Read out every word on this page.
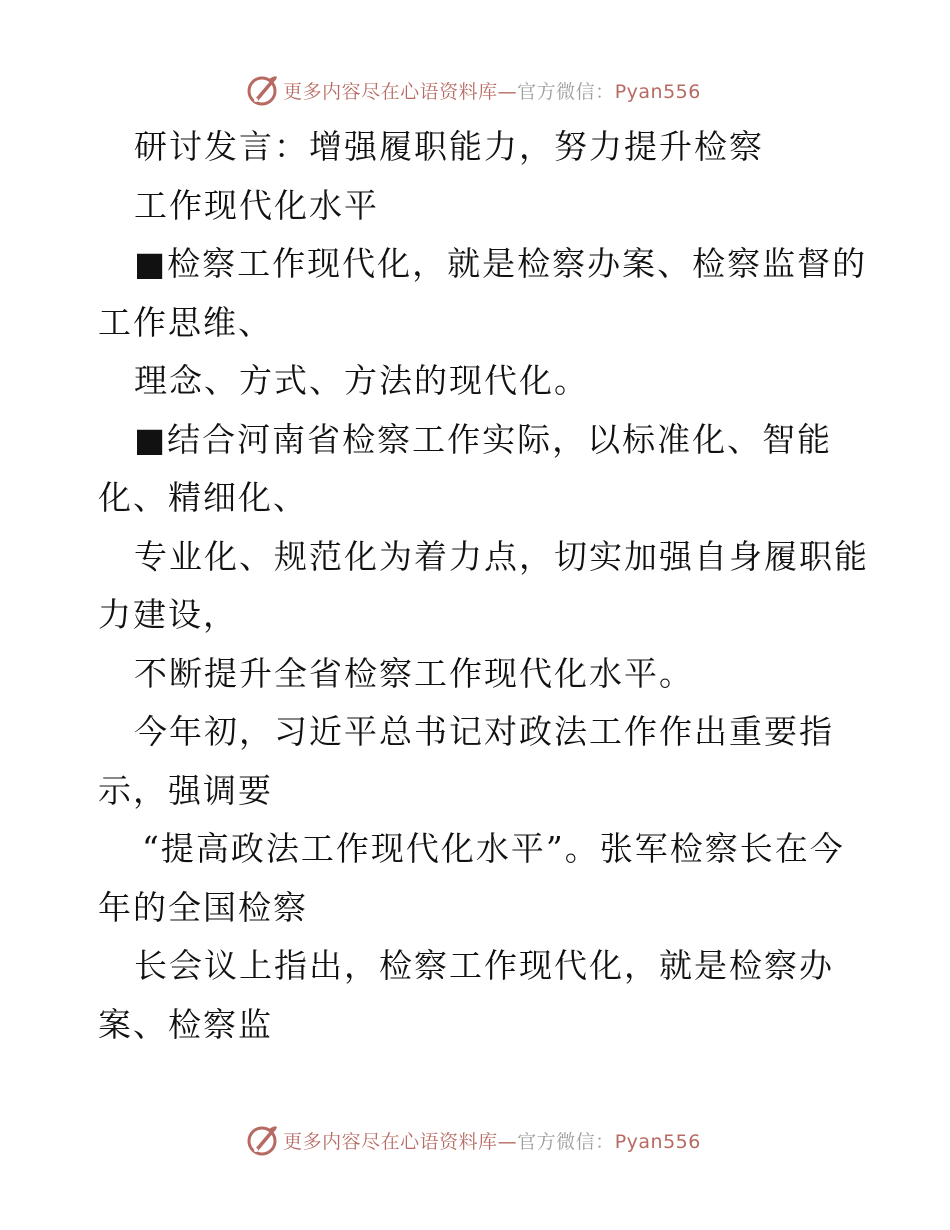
更多内容尽在心语资料库—官方微信：Pyan556
研讨发言：增强履职能力，努力提升检察
工作现代化水平
■检察工作现代化，就是检察办案、检察监督的
工作思维、
理念、方式、方法的现代化。
■结合河南省检察工作实际，以标准化、智能
化、精细化、
专业化、规范化为着力点，切实加强自身履职能
力建设，
不断提升全省检察工作现代化水平。
今年初，习近平总书记对政法工作作出重要指
示，强调要
“提高政法工作现代化水平”。张军检察长在今
年的全国检察
长会议上指出，检察工作现代化，就是检察办
案、检察监
更多内容尽在心语资料库—官方微信：Pyan556
